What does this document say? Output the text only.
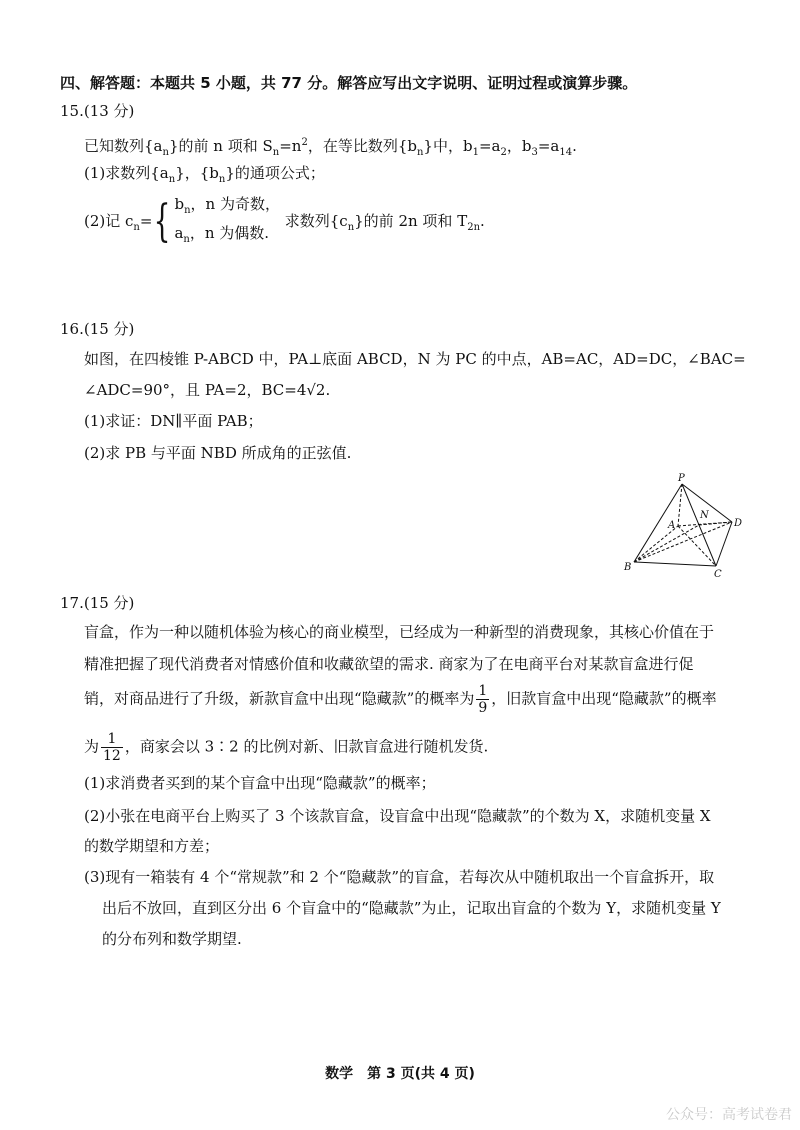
四、解答题：本题共 5 小题，共 77 分。解答应写出文字说明、证明过程或演算步骤。
15.(13 分)
已知数列$\{a_n\}$的前 n 项和 $S_n=n^2$，在等比数列$\{b_n\}$中，$b_1=a_2$，$b_3=a_{14}$.
(1)求数列$\{a_n\}$，$\{b_n\}$的通项公式；
(2)记 $c_n=${ $b_n$，n 为奇数，
$a_n$，n 为偶数. 求数列$\{c_n\}$的前 2n 项和 $T_{2n}$.
16.(15 分)
如图，在四棱锥 P-ABCD 中，PA⊥底面 ABCD，N 为 PC 的中点，AB=AC，AD=DC，∠BAC=
∠ADC=90°，且 PA=2，BC=4√2.
(1)求证：DN∥平面 PAB；
(2)求 PB 与平面 NBD 所成角的正弦值.
P
A
N
D
B
C
17.(15 分)
盲盒，作为一种以随机体验为核心的商业模型，已经成为一种新型的消费现象，其核心价值在于
精准把握了现代消费者对情感价值和收藏欲望的需求. 商家为了在电商平台对某款盲盒进行促
销，对商品进行了升级，新款盲盒中出现“隐藏款”的概率为 $\frac{1}{9}$ ，旧款盲盒中出现“隐藏款”的概率
为 $\frac{1}{12}$ ，商家会以 3∶2 的比例对新、旧款盲盒进行随机发货.
(1)求消费者买到的某个盲盒中出现“隐藏款”的概率；
(2)小张在电商平台上购买了 3 个该款盲盒，设盲盒中出现“隐藏款”的个数为 X，求随机变量 X
的数学期望和方差；
(3)现有一箱装有 4 个“常规款”和 2 个“隐藏款”的盲盒，若每次从中随机取出一个盲盒拆开，取
出后不放回，直到区分出 6 个盲盒中的“隐藏款”为止，记取出盲盒的个数为 Y，求随机变量 Y
的分布列和数学期望.
数学　第 3 页(共 4 页)
公众号：高考试卷君
